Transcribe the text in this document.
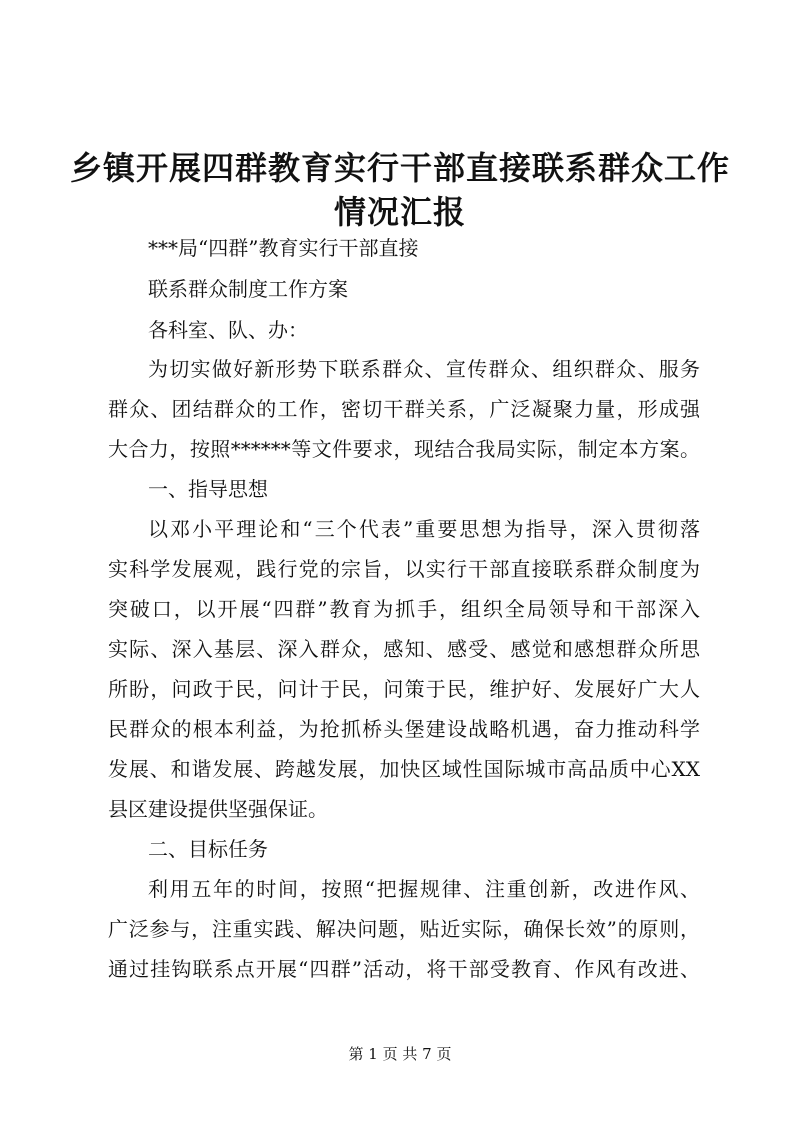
乡镇开展四群教育实行干部直接联系群众工作
情况汇报
***局“四群”教育实行干部直接
联系群众制度工作方案
各科室、队、办：
为切实做好新形势下联系群众、宣传群众、组织群众、服务
群众、团结群众的工作，密切干群关系，广泛凝聚力量，形成强
大合力，按照******等文件要求，现结合我局实际，制定本方案。
一、指导思想
以邓小平理论和“三个代表”重要思想为指导，深入贯彻落
实科学发展观，践行党的宗旨，以实行干部直接联系群众制度为
突破口，以开展“四群”教育为抓手，组织全局领导和干部深入
实际、深入基层、深入群众，感知、感受、感觉和感想群众所思
所盼，问政于民，问计于民，问策于民，维护好、发展好广大人
民群众的根本利益，为抢抓桥头堡建设战略机遇，奋力推动科学
发展、和谐发展、跨越发展，加快区域性国际城市高品质中心XX
县区建设提供坚强保证。
二、目标任务
利用五年的时间，按照“把握规律、注重创新，改进作风、
广泛参与，注重实践、解决问题，贴近实际，确保长效”的原则，
通过挂钩联系点开展“四群”活动，将干部受教育、作风有改进、
第 1 页 共 7 页
